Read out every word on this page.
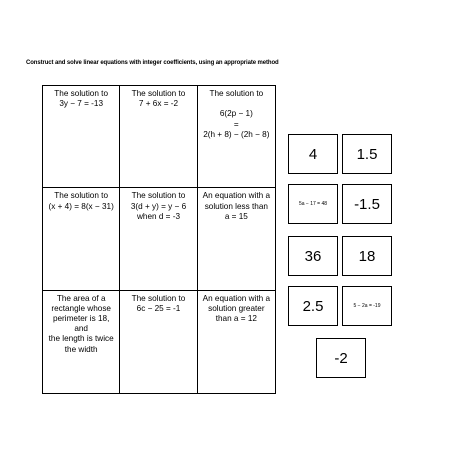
Construct and solve linear equations with integer coefficients, using an appropriate method
The solution to
3y − 7 = -13
The solution to
7 + 6x = -2
The solution to

6(2p − 1)
=
2(h + 8) − (2h − 8)
The solution to
(x + 4) = 8(x − 31)
The solution to
3(d + y) = y − 6
when d = -3
An equation with a
solution less than
a = 15
The area of a
rectangle whose
perimeter is 18, and
the length is twice
the width
The solution to
6c − 25 = -1
An equation with a
solution greater
than a = 12
4	1.5
5a − 17 = 48 -1.5
36 18
2.5	5 − 2a = -19
-2
